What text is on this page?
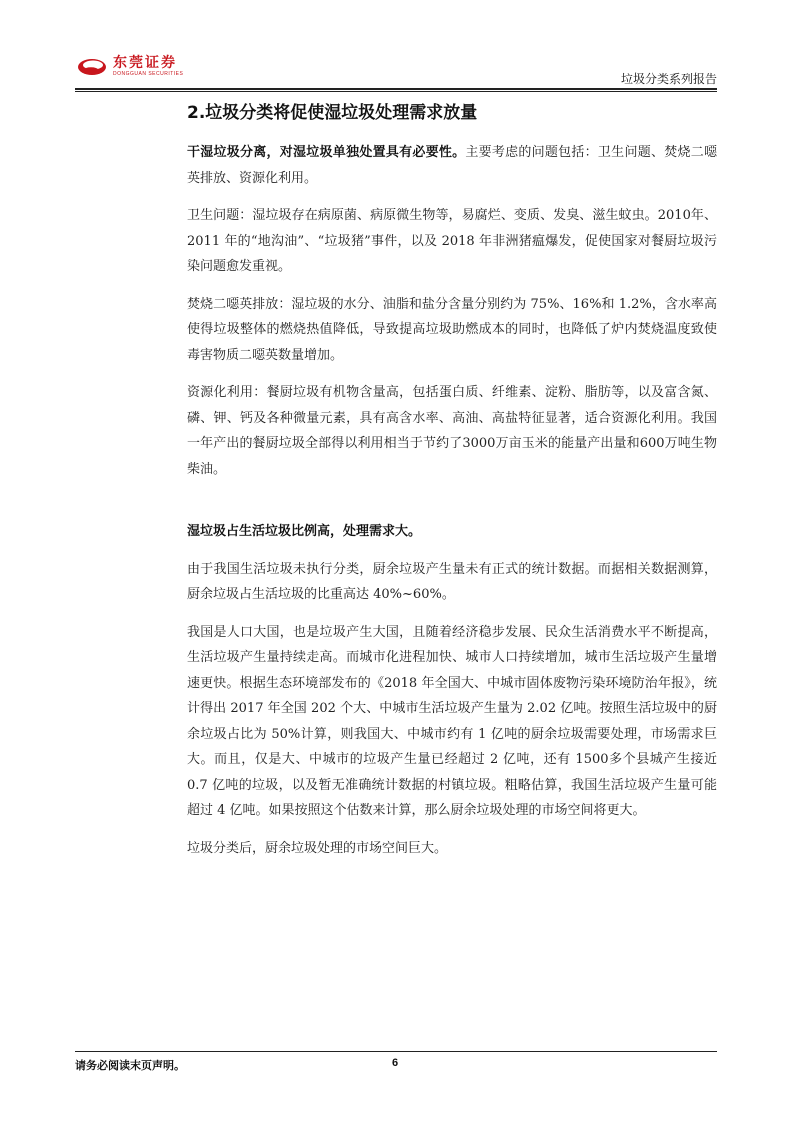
东莞证券
DONGGUAN SECURITIES	垃圾分类系列报告
2.垃圾分类将促使湿垃圾处理需求放量

干湿垃圾分离，对湿垃圾单独处置具有必要性。主要考虑的问题包括：卫生问题、焚烧二噁英排放、资源化利用。

卫生问题：湿垃圾存在病原菌、病原微生物等，易腐烂、变质、发臭、滋生蚊虫。2010年、2011 年的“地沟油”、“垃圾猪”事件，以及 2018 年非洲猪瘟爆发，促使国家对餐厨垃圾污染问题愈发重视。

焚烧二噁英排放：湿垃圾的水分、油脂和盐分含量分别约为 75%、16%和 1.2%，含水率高使得垃圾整体的燃烧热值降低，导致提高垃圾助燃成本的同时，也降低了炉内焚烧温度致使毒害物质二噁英数量增加。

资源化利用：餐厨垃圾有机物含量高，包括蛋白质、纤维素、淀粉、脂肪等，以及富含氮、磷、钾、钙及各种微量元素，具有高含水率、高油、高盐特征显著，适合资源化利用。我国一年产出的餐厨垃圾全部得以利用相当于节约了3000万亩玉米的能量产出量和600万吨生物柴油。

湿垃圾占生活垃圾比例高，处理需求大。

由于我国生活垃圾未执行分类，厨余垃圾产生量未有正式的统计数据。而据相关数据测算，厨余垃圾占生活垃圾的比重高达 40%~60%。

我国是人口大国，也是垃圾产生大国，且随着经济稳步发展、民众生活消费水平不断提高，生活垃圾产生量持续走高。而城市化进程加快、城市人口持续增加，城市生活垃圾产生量增速更快。根据生态环境部发布的《2018 年全国大、中城市固体废物污染环境防治年报》，统计得出 2017 年全国 202 个大、中城市生活垃圾产生量为 2.02 亿吨。按照生活垃圾中的厨余垃圾占比为 50%计算，则我国大、中城市约有 1 亿吨的厨余垃圾需要处理，市场需求巨大。而且，仅是大、中城市的垃圾产生量已经超过 2 亿吨，还有 1500多个县城产生接近 0.7 亿吨的垃圾，以及暂无准确统计数据的村镇垃圾。粗略估算，我国生活垃圾产生量可能超过 4 亿吨。如果按照这个估数来计算，那么厨余垃圾处理的市场空间将更大。

垃圾分类后，厨余垃圾处理的市场空间巨大。

请务必阅读末页声明。	6
